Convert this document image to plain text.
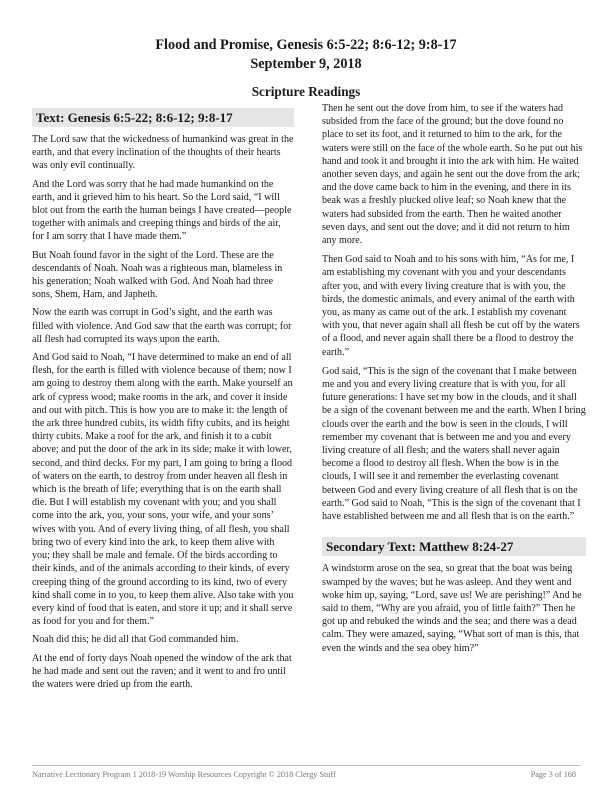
Flood and Promise, Genesis 6:5-22; 8:6-12; 9:8-17
September 9, 2018
Scripture Readings
Text: Genesis 6:5-22; 8:6-12; 9:8-17

The Lord saw that the wickedness of humankind was great in the earth, and that every inclination of the thoughts of their hearts was only evil continually.

And the Lord was sorry that he had made humankind on the earth, and it grieved him to his heart. So the Lord said, “I will blot out from the earth the human beings I have created—people together with animals and creeping things and birds of the air, for I am sorry that I have made them.”

But Noah found favor in the sight of the Lord. These are the descendants of Noah. Noah was a righteous man, blameless in his generation; Noah walked with God. And Noah had three sons, Shem, Ham, and Japheth.

Now the earth was corrupt in God’s sight, and the earth was filled with violence. And God saw that the earth was corrupt; for all flesh had corrupted its ways upon the earth.

And God said to Noah, “I have determined to make an end of all flesh, for the earth is filled with violence because of them; now I am going to destroy them along with the earth. Make yourself an ark of cypress wood; make rooms in the ark, and cover it inside and out with pitch. This is how you are to make it: the length of the ark three hundred cubits, its width fifty cubits, and its height thirty cubits. Make a roof for the ark, and finish it to a cubit above; and put the door of the ark in its side; make it with lower, second, and third decks. For my part, I am going to bring a flood of waters on the earth, to destroy from under heaven all flesh in which is the breath of life; everything that is on the earth shall die. But I will establish my covenant with you; and you shall come into the ark, you, your sons, your wife, and your sons’ wives with you. And of every living thing, of all flesh, you shall bring two of every kind into the ark, to keep them alive with you; they shall be male and female. Of the birds according to their kinds, and of the animals according to their kinds, of every creeping thing of the ground according to its kind, two of every kind shall come in to you, to keep them alive. Also take with you every kind of food that is eaten, and store it up; and it shall serve as food for you and for them.”

Noah did this; he did all that God commanded him.

At the end of forty days Noah opened the window of the ark that he had made and sent out the raven; and it went to and fro until the waters were dried up from the earth.

Then he sent out the dove from him, to see if the waters had subsided from the face of the ground; but the dove found no place to set its foot, and it returned to him to the ark, for the waters were still on the face of the whole earth. So he put out his hand and took it and brought it into the ark with him. He waited another seven days, and again he sent out the dove from the ark; and the dove came back to him in the evening, and there in its beak was a freshly plucked olive leaf; so Noah knew that the waters had subsided from the earth. Then he waited another seven days, and sent out the dove; and it did not return to him any more.

Then God said to Noah and to his sons with him, “As for me, I am establishing my covenant with you and your descendants after you, and with every living creature that is with you, the birds, the domestic animals, and every animal of the earth with you, as many as came out of the ark. I establish my covenant with you, that never again shall all flesh be cut off by the waters of a flood, and never again shall there be a flood to destroy the earth.”

God said, “This is the sign of the covenant that I make between me and you and every living creature that is with you, for all future generations: I have set my bow in the clouds, and it shall be a sign of the covenant between me and the earth. When I bring clouds over the earth and the bow is seen in the clouds, I will remember my covenant that is between me and you and every living creature of all flesh; and the waters shall never again become a flood to destroy all flesh. When the bow is in the clouds, I will see it and remember the everlasting covenant between God and every living creature of all flesh that is on the earth.” God said to Noah, “This is the sign of the covenant that I have established between me and all flesh that is on the earth.”

Secondary Text: Matthew 8:24-27

A windstorm arose on the sea, so great that the boat was being swamped by the waves; but he was asleep. And they went and woke him up, saying, “Lord, save us! We are perishing!” And he said to them, “Why are you afraid, you of little faith?” Then he got up and rebuked the winds and the sea; and there was a dead calm. They were amazed, saying, “What sort of man is this, that even the winds and the sea obey him?”

Narrative Lectionary Program 1 2018-19 Worship Resources Copyright © 2018 Clergy Stuff	Page 3 of 168
